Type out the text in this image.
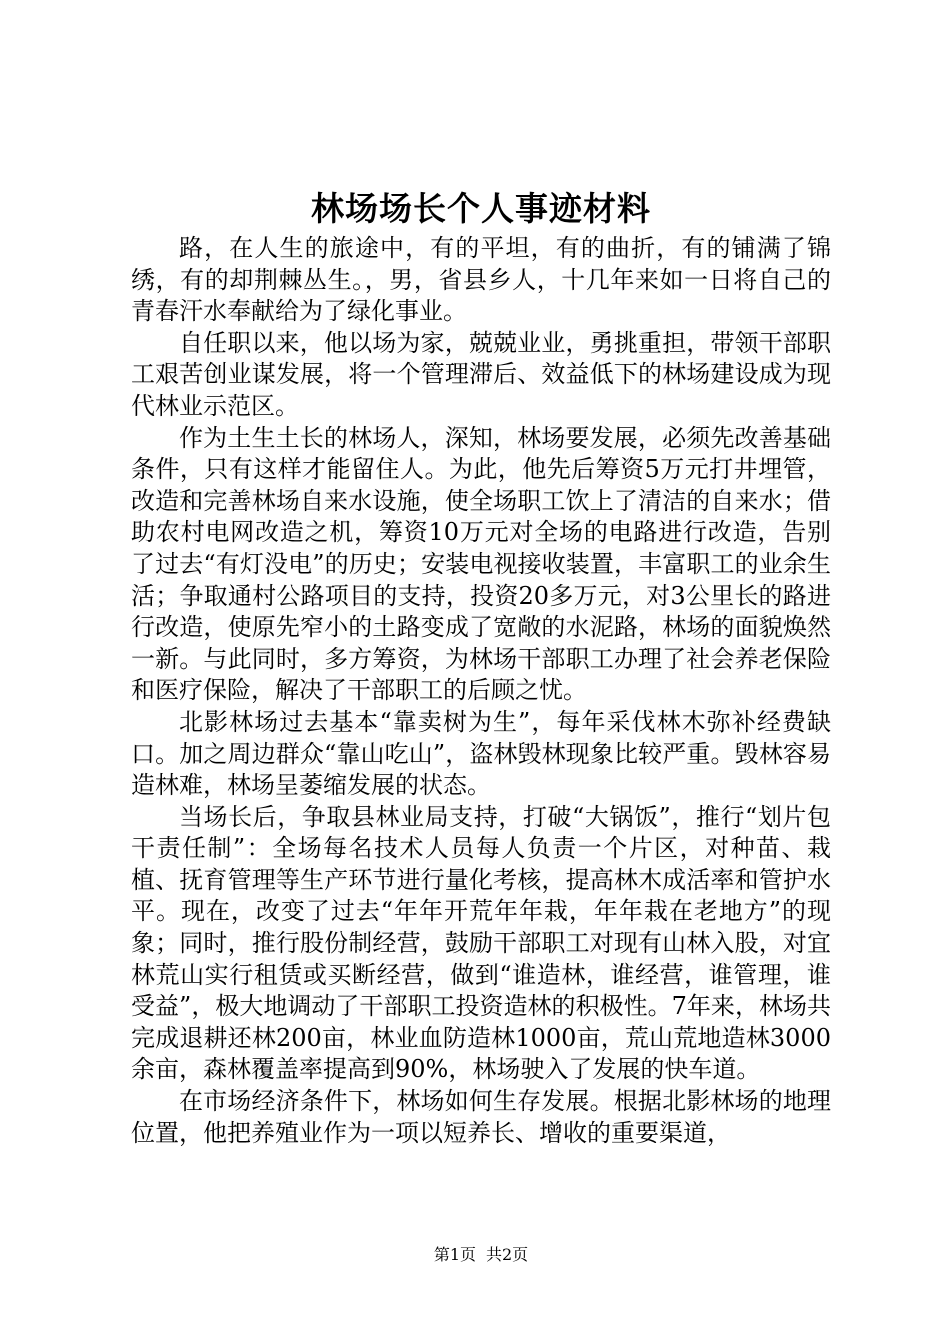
林场场长个人事迹材料

路，在人生的旅途中，有的平坦，有的曲折，有的铺满了锦绣，有的却荆棘丛生。，男，省县乡人，十几年来如一日将自己的青春汗水奉献给为了绿化事业。

自任职以来，他以场为家，兢兢业业，勇挑重担，带领干部职工艰苦创业谋发展，将一个管理滞后、效益低下的林场建设成为现代林业示范区。

作为土生土长的林场人，深知，林场要发展，必须先改善基础条件，只有这样才能留住人。为此，他先后筹资5万元打井埋管，改造和完善林场自来水设施，使全场职工饮上了清洁的自来水；借助农村电网改造之机，筹资10万元对全场的电路进行改造，告别了过去“有灯没电”的历史；安装电视接收装置，丰富职工的业余生活；争取通村公路项目的支持，投资20多万元，对3公里长的路进行改造，使原先窄小的土路变成了宽敞的水泥路，林场的面貌焕然一新。与此同时，多方筹资，为林场干部职工办理了社会养老保险和医疗保险，解决了干部职工的后顾之忧。

北影林场过去基本“靠卖树为生”，每年采伐林木弥补经费缺口。加之周边群众“靠山吃山”，盗林毁林现象比较严重。毁林容易造林难，林场呈萎缩发展的状态。

当场长后，争取县林业局支持，打破“大锅饭”，推行“划片包干责任制”：全场每名技术人员每人负责一个片区，对种苗、栽植、抚育管理等生产环节进行量化考核，提高林木成活率和管护水平。现在，改变了过去“年年开荒年年栽，年年栽在老地方”的现象；同时，推行股份制经营，鼓励干部职工对现有山林入股，对宜林荒山实行租赁或买断经营，做到“谁造林，谁经营，谁管理，谁受益”，极大地调动了干部职工投资造林的积极性。7年来，林场共完成退耕还林200亩，林业血防造林1000亩，荒山荒地造林3000余亩，森林覆盖率提高到90%，林场驶入了发展的快车道。

在市场经济条件下，林场如何生存发展。根据北影林场的地理位置，他把养殖业作为一项以短养长、增收的重要渠道，

第1页 共2页
